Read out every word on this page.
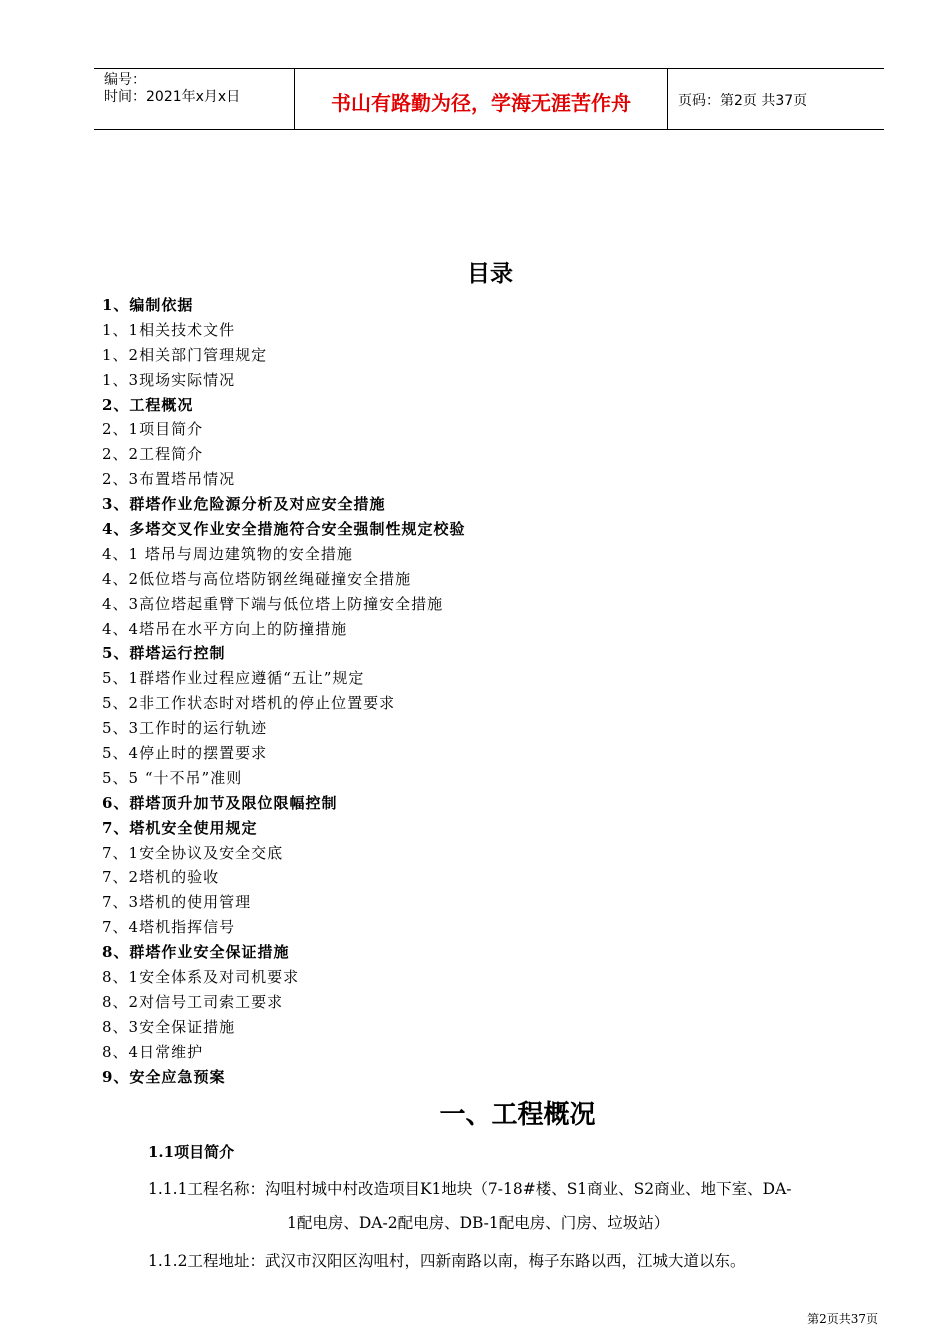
编号：
时间：2021年x月x日	书山有路勤为径，学海无涯苦作舟	页码：第2页 共37页
目录
1、编制依据
1、1相关技术文件
1、2相关部门管理规定
1、3现场实际情况
2、工程概况
2、1项目简介
2、2工程简介
2、3布置塔吊情况
3、群塔作业危险源分析及对应安全措施
4、多塔交叉作业安全措施符合安全强制性规定校验
4、1 塔吊与周边建筑物的安全措施
4、2低位塔与高位塔防钢丝绳碰撞安全措施
4、3高位塔起重臂下端与低位塔上防撞安全措施
4、4塔吊在水平方向上的防撞措施
5、群塔运行控制
5、1群塔作业过程应遵循“五让”规定
5、2非工作状态时对塔机的停止位置要求
5、3工作时的运行轨迹
5、4停止时的摆置要求
5、5 “十不吊”准则
6、群塔顶升加节及限位限幅控制
7、塔机安全使用规定
7、1安全协议及安全交底
7、2塔机的验收
7、3塔机的使用管理
7、4塔机指挥信号
8、群塔作业安全保证措施
8、1安全体系及对司机要求
8、2对信号工司索工要求
8、3安全保证措施
8、4日常维护
9、安全应急预案
一、工程概况
1.1项目简介
1.1.1工程名称：沟咀村城中村改造项目K1地块（7-18#楼、S1商业、S2商业、地下室、DA-
1配电房、DA-2配电房、DB-1配电房、门房、垃圾站）
1.1.2工程地址：武汉市汉阳区沟咀村，四新南路以南，梅子东路以西，江城大道以东。
第2页共37页
